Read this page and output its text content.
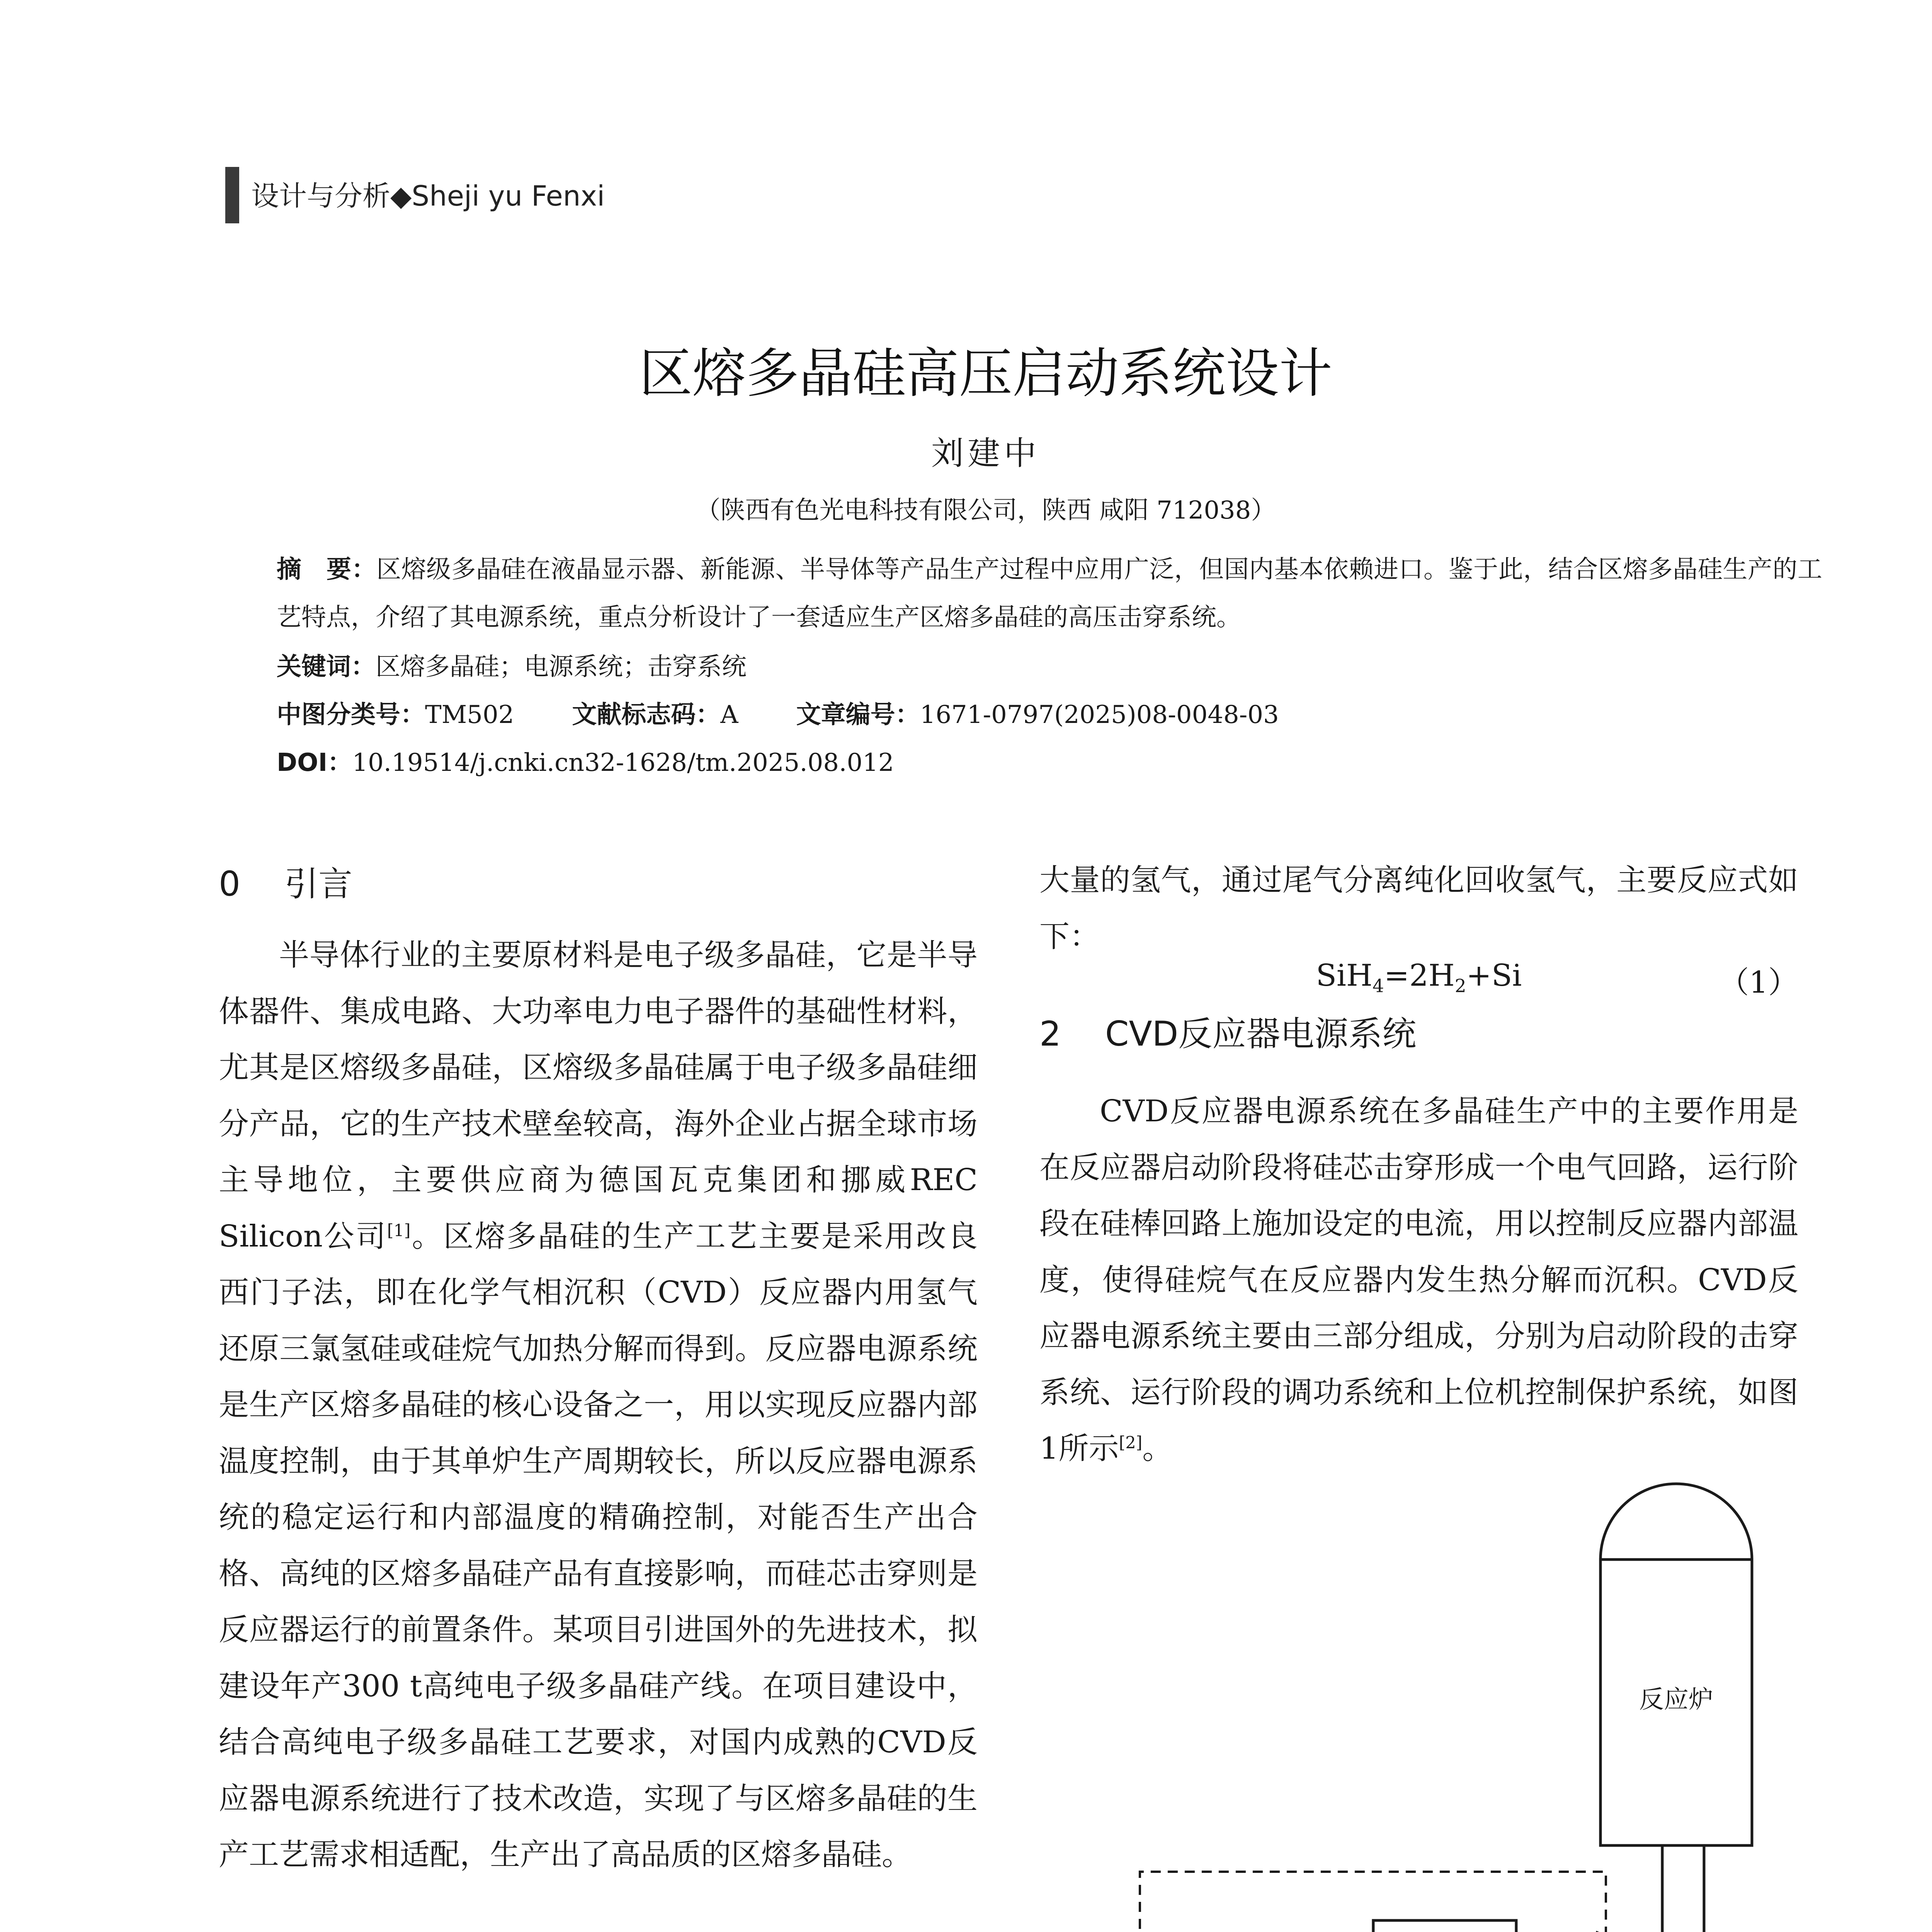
设计与分析◆Sheji yu Fenxi
区熔多晶硅高压启动系统设计
刘建中
（陕西有色光电科技有限公司，陕西 咸阳 712038）
摘　要：区熔级多晶硅在液晶显示器、新能源、半导体等产品生产过程中应用广泛，但国内基本依赖进口。鉴于此，结合区熔多晶硅生产的工艺特点，介绍了其电源系统，重点分析设计了一套适应生产区熔多晶硅的高压击穿系统。
关键词：区熔多晶硅；电源系统；击穿系统
中图分类号：TM502 文献标志码：A 文章编号：1671-0797(2025)08-0048-03
DOI：10.19514/j.cnki.cn32-1628/tm.2025.08.012
0 引言

半导体行业的主要原材料是电子级多晶硅，它是半导体器件、集成电路、大功率电力电子器件的基础性材料，尤其是区熔级多晶硅，区熔级多晶硅属于电子级多晶硅细分产品，它的生产技术壁垒较高，海外企业占据全球市场主导地位，主要供应商为德国瓦克集团和挪威REC Silicon公司[1]。区熔多晶硅的生产工艺主要是采用改良西门子法，即在化学气相沉积（CVD）反应器内用氢气还原三氯氢硅或硅烷气加热分解而得到。反应器电源系统是生产区熔多晶硅的核心设备之一，用以实现反应器内部温度控制，由于其单炉生产周期较长，所以反应器电源系统的稳定运行和内部温度的精确控制，对能否生产出合格、高纯的区熔多晶硅产品有直接影响，而硅芯击穿则是反应器运行的前置条件。某项目引进国外的先进技术，拟建设年产300 t高纯电子级多晶硅产线。在项目建设中，结合高纯电子级多晶硅工艺要求，对国内成熟的CVD反应器电源系统进行了技术改造，实现了与区熔多晶硅的生产工艺需求相适配，生产出了高品质的区熔多晶硅。

大量的氢气，通过尾气分离纯化回收氢气，主要反应式如下：

$SiH_4=2H_2+Si$	（1）
2 CVD反应器电源系统

CVD反应器电源系统在多晶硅生产中的主要作用是在反应器启动阶段将硅芯击穿形成一个电气回路，运行阶段在硅棒回路上施加设定的电流，用以控制反应器内部温度，使得硅烷气在反应器内发生热分解而沉积。CVD反应器电源系统主要由三部分组成，分别为启动阶段的击穿系统、运行阶段的调功系统和上位机控制保护系统，如图1所示[2]。

反应炉
